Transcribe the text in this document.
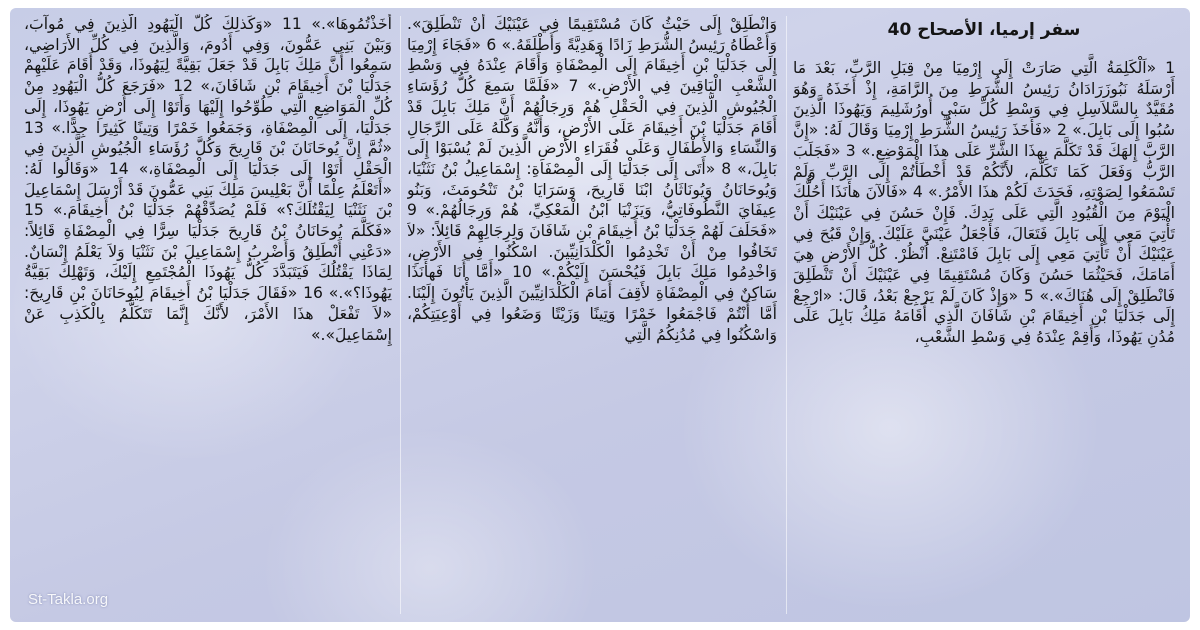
سفر إرميا، الأصحاح 40
1 «اَلْكَلِمَةُ الَّتِي صَارَتْ إِلَى إِرْمِيَا مِنْ قِبَلِ الرَّبِّ، بَعْدَ مَا أَرْسَلَهُ نَبُوزَرَادَانُ رَئِيسُ الشُّرَطِ مِنَ الرَّامَةِ، إِذْ أَخَذَهُ وَهُوَ مُقَيَّدٌ بِالسَّلاَسِلِ فِي وَسْطِ كُلِّ سَبْيِ أُورُشَلِيمَ وَيَهُوذَا الَّذِينَ سُبُوا إِلَى بَابِلَ.» 2 «فَأَخَذَ رَئِيسُ الشُّرَطِ إِرْمِيَا وَقَالَ لَهُ: «إِنَّ الرَّبَّ إِلهَكَ قَدْ تَكَلَّمَ بِهذَا الشَّرِّ عَلَى هذَا الْمَوْضِعِ.» 3 «فَجَلَبَ الرَّبُّ وَفَعَلَ كَمَا تَكَلَّمَ، لأَنَّكُمْ قَدْ أَخْطَأْتُمْ إِلَى الرَّبِّ وَلَمْ تَسْمَعُوا لِصَوْتِهِ، فَحَدَثَ لَكُمْ هذَا الأَمْرُ.» 4 «فَالآنَ هأَنَذَا أَحُلُّكَ الْيَوْمَ مِنَ الْقُيُودِ الَّتِي عَلَى يَدِكَ. فَإِنْ حَسُنَ فِي عَيْنَيْكَ أَنْ تَأْتِيَ مَعِي إِلَى بَابِلَ فَتَعَالَ، فَأَجْعَلُ عَيْنَيَّ عَلَيْكَ. وَإِنْ قَبُحَ فِي عَيْنَيْكَ أَنْ تَأْتِيَ مَعِي إِلَى بَابِلَ فَامْتَنِعْ. اُنْظُرْ. كُلُّ الأَرْضِ هِيَ أَمَامَكَ، فَحَيْثُمَا حَسُنَ وَكَانَ مُسْتَقِيمًا فِي عَيْنَيْكَ أَنْ تَنْطَلِقَ فَانْطَلِقْ إِلَى هُنَاكَ».» 5 «وَإِذْ كَانَ لَمْ يَرْجِعْ بَعْدُ، قَالَ: «ارْجِعْ إِلَى جَدَلْيَا بْنِ أَخِيقَامَ بْنِ شَافَانَ الَّذِي أَقَامَهُ مَلِكُ بَابِلَ عَلَى مُدُنِ يَهُوذَا، وَأَقِمْ عِنْدَهُ فِي وَسْطِ الشَّعْبِ،
وَانْطَلِقْ إِلَى حَيْثُ كَانَ مُسْتَقِيمًا فِي عَيْنَيْكَ أَنْ تَنْطَلِقَ». وَأَعْطَاهُ رَئِيسُ الشُّرَطِ زَادًا وَهَدِيَّةً وَأَطْلَقَهُ.» 6 «فَجَاءَ إِرْمِيَا إِلَى جَدَلْيَا بْنِ أَخِيقَامَ إِلَى الْمِصْفَاةِ وَأَقَامَ عِنْدَهُ فِي وَسْطِ الشَّعْبِ الْبَاقِينَ فِي الأَرْضِ.» 7 «فَلَمَّا سَمِعَ كُلُّ رُؤَسَاءِ الْجُيُوشِ الَّذِينَ فِي الْحَقْلِ هُمْ وَرِجَالُهُمْ أَنَّ مَلِكَ بَابِلَ قَدْ أَقَامَ جَدَلْيَا بْنَ أَخِيقَامَ عَلَى الأَرْضِ، وَأَنَّهُ وَكَّلَهُ عَلَى الرِّجَالِ وَالنِّسَاءِ وَالأَطْفَالِ وَعَلَى فُقَرَاءِ الأَرْضِ الَّذِينَ لَمْ يُسْبَوْا إِلَى بَابِلَ،» 8 «أَتَى إِلَى جَدَلْيَا إِلَى الْمِصْفَاةِ: إِسْمَاعِيلُ بْنُ نَثَنْيَا، وَيُوحَانَانُ وَيُونَاثَانُ ابْنَا قَارِيحَ، وَسَرَايَا بْنُ تَنْحُومَثَ، وَبَنُو عِيفَايَ النَّطُوفَاتِيُّ، وَيَزَنْيَا ابْنُ الْمَعْكِيِّ، هُمْ وَرِجَالُهُمْ.» 9 «فَحَلَفَ لَهُمْ جَدَلْيَا بْنُ أَخِيقَامَ بْنِ شَافَانَ وَلِرِجَالِهِمْ قَائِلاً: «لاَ تَخَافُوا مِنْ أَنْ تَخْدِمُوا الْكَلْدَانِيِّينَ. اسْكُنُوا فِي الأَرْضِ، وَاخْدِمُوا مَلِكَ بَابِلَ فَيُحْسَنَ إِلَيْكُمْ.» 10 «أَمَّا أَنَا فَهأَنَذَا سَاكِنٌ فِي الْمِصْفَاةِ لأَقِفَ أَمَامَ الْكَلْدَانِيِّينَ الَّذِينَ يَأْتُونَ إِلَيْنَا. أَمَّا أَنْتُمْ فَاجْمَعُوا خَمْرًا وَتِينًا وَزَيْتًا وَضَعُوا فِي أَوْعِيَتِكُمْ، وَاسْكُنُوا فِي مُدُنِكُمُ الَّتِي
أَخَذْتُمُوهَا».» 11 «وَكَذلِكَ كُلُّ الْيَهُودِ الَّذِينَ فِي مُوآبَ، وَبَيْنَ بَنِي عَمُّونَ، وَفِي أَدُومَ، وَالَّذِينَ فِي كُلِّ الأَرَاضِي، سَمِعُوا أَنَّ مَلِكَ بَابِلَ قَدْ جَعَلَ بَقِيَّةً لِيَهُوذَا، وَقَدْ أَقَامَ عَلَيْهِمْ جَدَلْيَا بْنَ أَخِيقَامَ بْنِ شَافَانَ،» 12 «فَرَجَعَ كُلُّ الْيَهُودِ مِنْ كُلِّ الْمَوَاضِعِ الَّتِي طُوِّحُوا إِلَيْهَا وَأَتَوْا إِلَى أَرْضِ يَهُوذَا، إِلَى جَدَلْيَا، إِلَى الْمِصْفَاةِ، وَجَمَعُوا خَمْرًا وَتِينًا كَثِيرًا جِدًّا.» 13 «ثُمَّ إِنَّ يُوحَانَانَ بْنَ قَارِيحَ وَكُلَّ رُؤَسَاءِ الْجُيُوشِ الَّذِينَ فِي الْحَقْلِ أَتَوْا إِلَى جَدَلْيَا إِلَى الْمِصْفَاةِ،» 14 «وَقَالُوا لَهُ: «أَتَعْلَمُ عِلْمًا أَنَّ بَعْلِيسَ مَلِكَ بَنِي عَمُّونَ قَدْ أَرْسَلَ إِسْمَاعِيلَ بْنَ نَثَنْيَا لِيَقْتُلَكَ؟» فَلَمْ يُصَدِّقْهُمْ جَدَلْيَا بْنُ أَخِيقَامَ.» 15 «فَكَلَّمَ يُوحَانَانُ بْنُ قَارِيحَ جَدَلْيَا سِرًّا فِي الْمِصْفَاةِ قَائِلاً: «دَعْنِي أَنْطَلِقُ وَأَضْرِبُ إِسْمَاعِيلَ بْنَ نَثَنْيَا وَلاَ يَعْلَمُ إِنْسَانٌ. لِمَاذَا يَقْتُلُكَ فَيَتَبَدَّدَ كُلُّ يَهُوذَا الْمُجْتَمِعِ إِلَيْكَ، وَتَهْلِكَ بَقِيَّةُ يَهُوذَا؟».» 16 «فَقَالَ جَدَلْيَا بْنُ أَخِيقَامَ لِيُوحَانَانَ بْنِ قَارِيحَ: «لاَ تَفْعَلْ هذَا الأَمْرَ، لأَنَّكَ إِنَّمَا تَتَكَلَّمُ بِالْكَذِبِ عَنْ إِسْمَاعِيلَ».»
St-Takla.org
